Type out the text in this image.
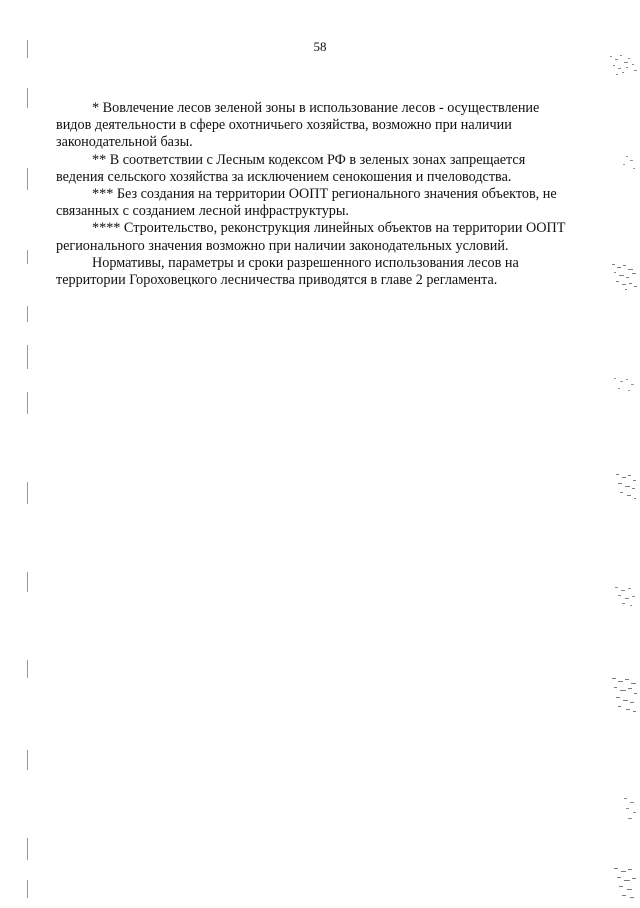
58

* Вовлечение лесов зеленой зоны в использование лесов - осуществление видов деятельности в сфере охотничьего хозяйства, возможно при наличии законодательной базы.

** В соответствии с Лесным кодексом РФ в зеленых зонах запрещается ведения сельского хозяйства за исключением сенокошения и пчеловодства.

*** Без создания на территории ООПТ регионального значения объектов, не связанных с созданием лесной инфраструктуры.

**** Строительство, реконструкция линейных объектов на территории ООПТ регионального значения возможно при наличии законодательных условий.

Нормативы, параметры и сроки разрешенного использования лесов на территории Гороховецкого лесничества приводятся в главе 2 регламента.
